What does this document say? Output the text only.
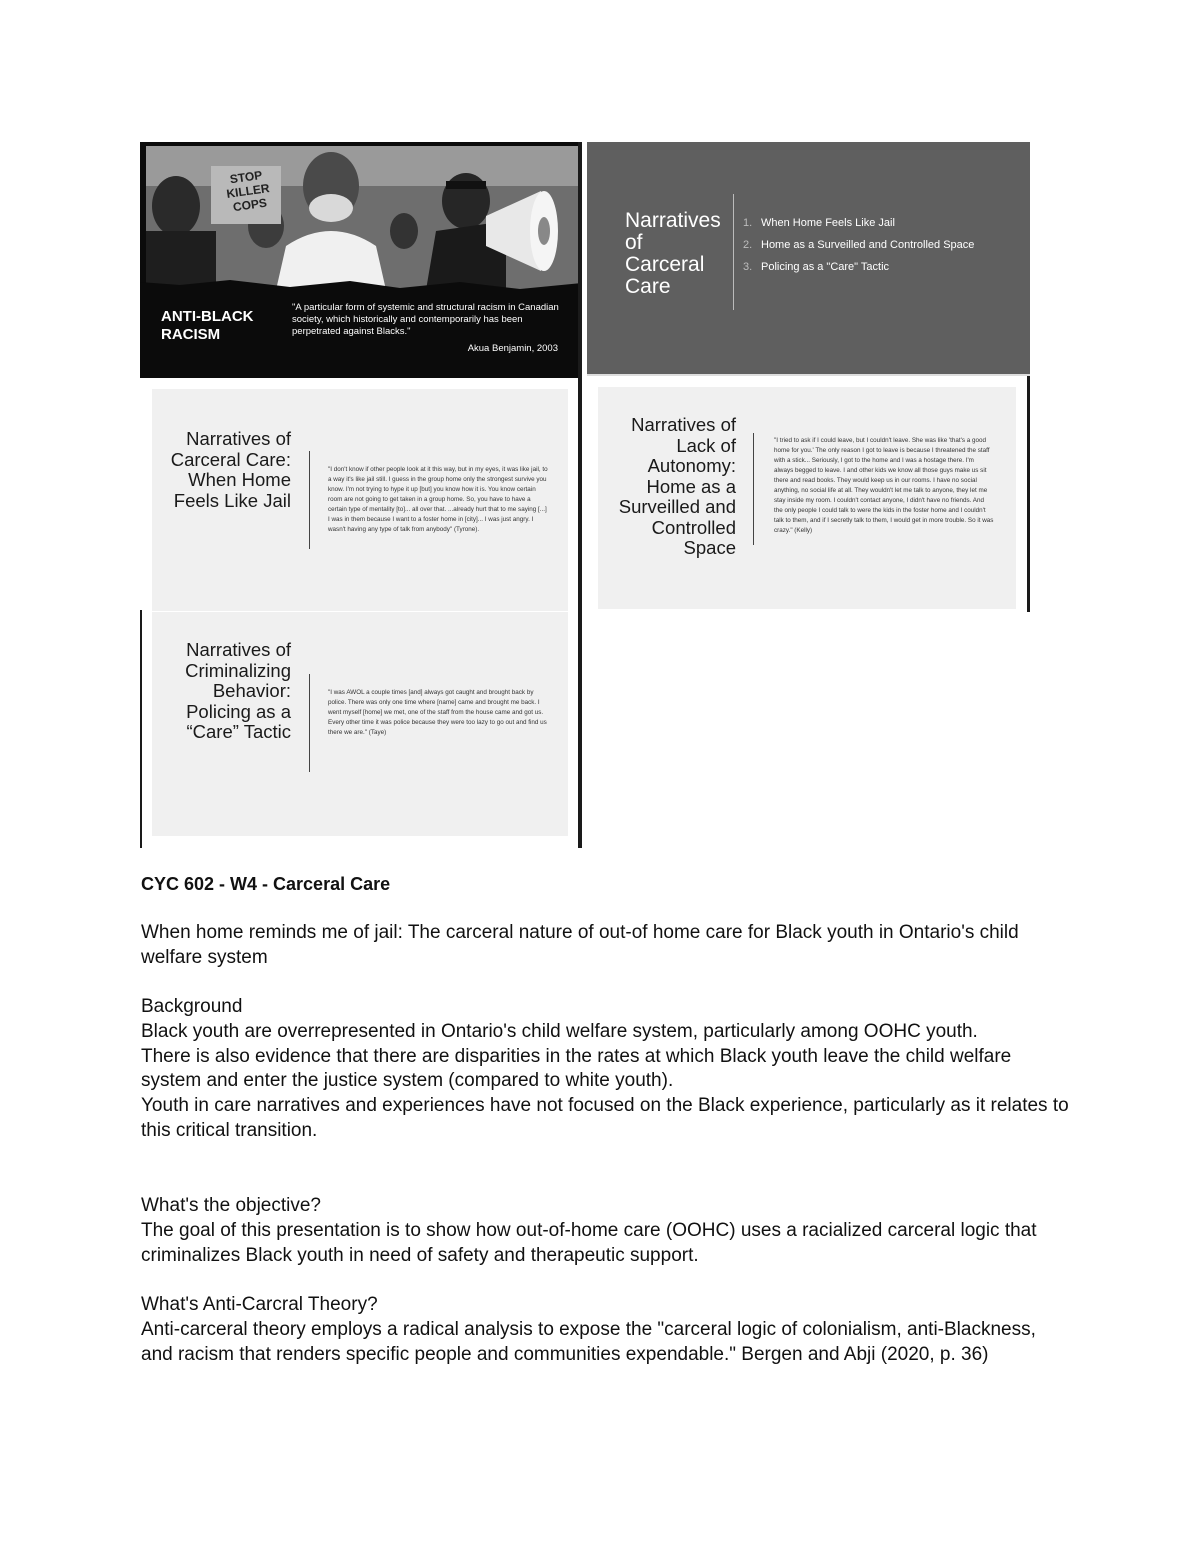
STOP
KILLER
COPS
ANTI-BLACK RACISM
"A particular form of systemic and structural racism in Canadian society, which historically and contemporarily has been perpetrated against Blacks."
Akua Benjamin, 2003
Narratives of Carceral Care
1. When Home Feels Like Jail
2. Home as a Surveilled and Controlled Space
3. Policing as a "Care" Tactic
Narratives of Carceral Care: When Home Feels Like Jail
"I don't know if other people look at it this way, but in my eyes, it was like jail, to a way it's like jail still. I guess in the group home only the strongest survive you know. I'm not trying to hype it up [but] you know how it is. You know certain room are not going to get taken in a group home. So, you have to have a certain type of mentality [to]... all over that. ...already hurt that to me saying [...] I was in them because I want to a foster home in [city]... I was just angry. I wasn't having any type of talk from anybody" (Tyrone).
Narratives of Lack of Autonomy: Home as a Surveilled and Controlled Space
"I tried to ask if I could leave, but I couldn't leave. She was like 'that's a good home for you.' The only reason I got to leave is because I threatened the staff with a stick... Seriously, I got to the home and I was a hostage there. I'm always begged to leave. I and other kids we know all those guys make us sit there and read books. They would keep us in our rooms. I have no social anything, no social life at all. They wouldn't let me talk to anyone, they let me stay inside my room. I couldn't contact anyone, I didn't have no friends. And the only people I could talk to were the kids in the foster home and I couldn't talk to them, and if I secretly talk to them, I would get in more trouble. So it was crazy." (Kelly)
Narratives of Criminalizing Behavior: Policing as a “Care” Tactic
"I was AWOL a couple times [and] always got caught and brought back by police. There was only one time where [name] came and brought me back. I went myself [home] we met, one of the staff from the house came and got us. Every other time it was police because they were too lazy to go out and find us there we are." (Taye)
CYC 602 - W4 - Carceral Care
When home reminds me of jail: The carceral nature of out-of home care for Black youth in Ontario's child welfare system

Background

Black youth are overrepresented in Ontario's child welfare system, particularly among OOHC youth.

There is also evidence that there are disparities in the rates at which Black youth leave the child welfare system and enter the justice system (compared to white youth).

Youth in care narratives and experiences have not focused on the Black experience, particularly as it relates to this critical transition.

What's the objective?

The goal of this presentation is to show how out-of-home care (OOHC) uses a racialized carceral logic that criminalizes Black youth in need of safety and therapeutic support.

What's Anti-Carcral Theory?

Anti-carceral theory employs a radical analysis to expose the "carceral logic of colonialism, anti-Blackness, and racism that renders specific people and communities expendable." Bergen and Abji (2020, p. 36)
